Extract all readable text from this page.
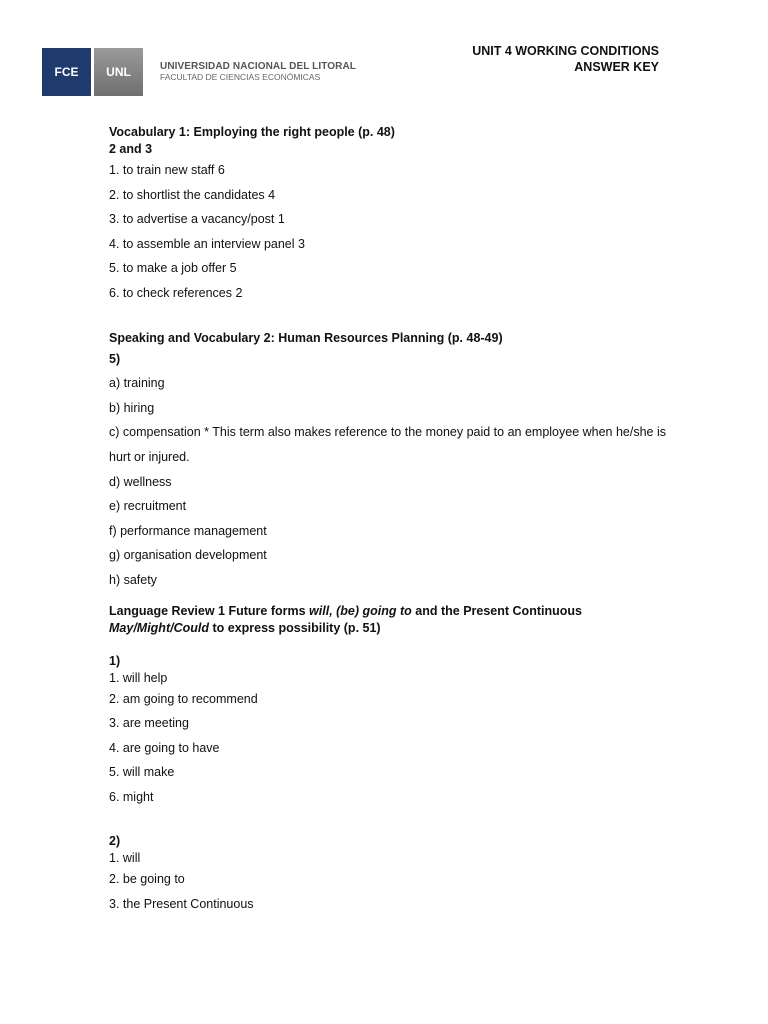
FCE	UNL	UNIVERSIDAD NACIONAL DEL LITORAL
FACULTAD DE CIENCIAS ECONÓMICAS
UNIT 4 WORKING CONDITIONS
ANSWER KEY
Vocabulary 1: Employing the right people (p. 48)
2 and 3
1. to train new staff 6
2. to shortlist the candidates 4
3. to advertise a vacancy/post 1
4. to assemble an interview panel 3
5. to make a job offer 5
6. to check references 2
Speaking and Vocabulary 2: Human Resources Planning (p. 48-49)
5)
a) training
b) hiring
c) compensation * This term also makes reference to the money paid to an employee when he/she is hurt or injured.
d) wellness
e) recruitment
f) performance management
g) organisation development
h) safety
Language Review 1 Future forms will, (be) going to and the Present Continuous
May/Might/Could to express possibility (p. 51)
1)
1. will help
2. am going to recommend
3. are meeting
4. are going to have
5. will make
6. might
2)
1. will
2. be going to
3. the Present Continuous
